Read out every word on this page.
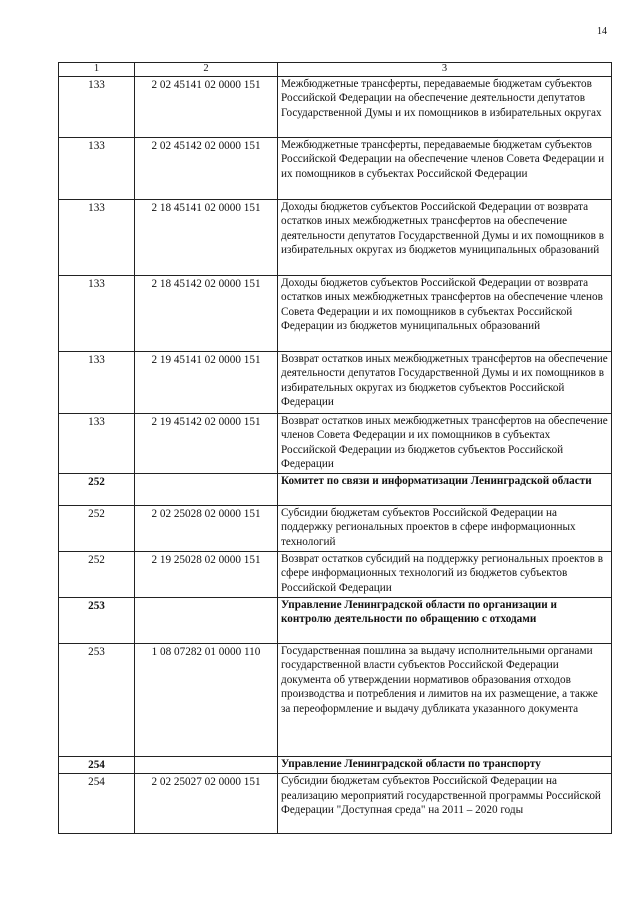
14
1	2	3
133	2 02 45141 02 0000 151	Межбюджетные трансферты, передаваемые бюджетам субъектов Российской Федерации на обеспечение деятельности депутатов Государственной Думы и их помощников в избирательных округах
133	2 02 45142 02 0000 151	Межбюджетные трансферты, передаваемые бюджетам субъектов Российской Федерации на обеспечение членов Совета Федерации и их помощников в субъектах Российской Федерации
133	2 18 45141 02 0000 151	Доходы бюджетов субъектов Российской Федерации от возврата остатков иных межбюджетных трансфертов на обеспечение деятельности депутатов Государственной Думы и их помощников в избирательных округах из бюджетов муниципальных образований
133	2 18 45142 02 0000 151	Доходы бюджетов субъектов Российской Федерации от возврата остатков иных межбюджетных трансфертов на обеспечение членов Совета Федерации и их помощников в субъектах Российской Федерации из бюджетов муниципальных образований
133	2 19 45141 02 0000 151	Возврат остатков иных межбюджетных трансфертов на обеспечение деятельности депутатов Государственной Думы и их помощников в избирательных округах из бюджетов субъектов Российской Федерации
133	2 19 45142 02 0000 151	Возврат остатков иных межбюджетных трансфертов на обеспечение членов Совета Федерации и их помощников в субъектах Российской Федерации из бюджетов субъектов Российской Федерации
252		Комитет по связи и информатизации Ленинградской области
252	2 02 25028 02 0000 151	Субсидии бюджетам субъектов Российской Федерации на поддержку региональных проектов в сфере информационных технологий
252	2 19 25028 02 0000 151	Возврат остатков субсидий на поддержку региональных проектов в сфере информационных технологий из бюджетов субъектов Российской Федерации
253		Управление Ленинградской области по организации и контролю деятельности по обращению с отходами
253	1 08 07282 01 0000 110	Государственная пошлина за выдачу исполнительными органами государственной власти субъектов Российской Федерации документа об утверждении нормативов образования отходов производства и потребления и лимитов на их размещение, а также за переоформление и выдачу дубликата указанного документа
254		Управление Ленинградской области по транспорту
254	2 02 25027 02 0000 151	Субсидии бюджетам субъектов Российской Федерации на реализацию мероприятий государственной программы Российской Федерации "Доступная среда" на 2011 – 2020 годы
